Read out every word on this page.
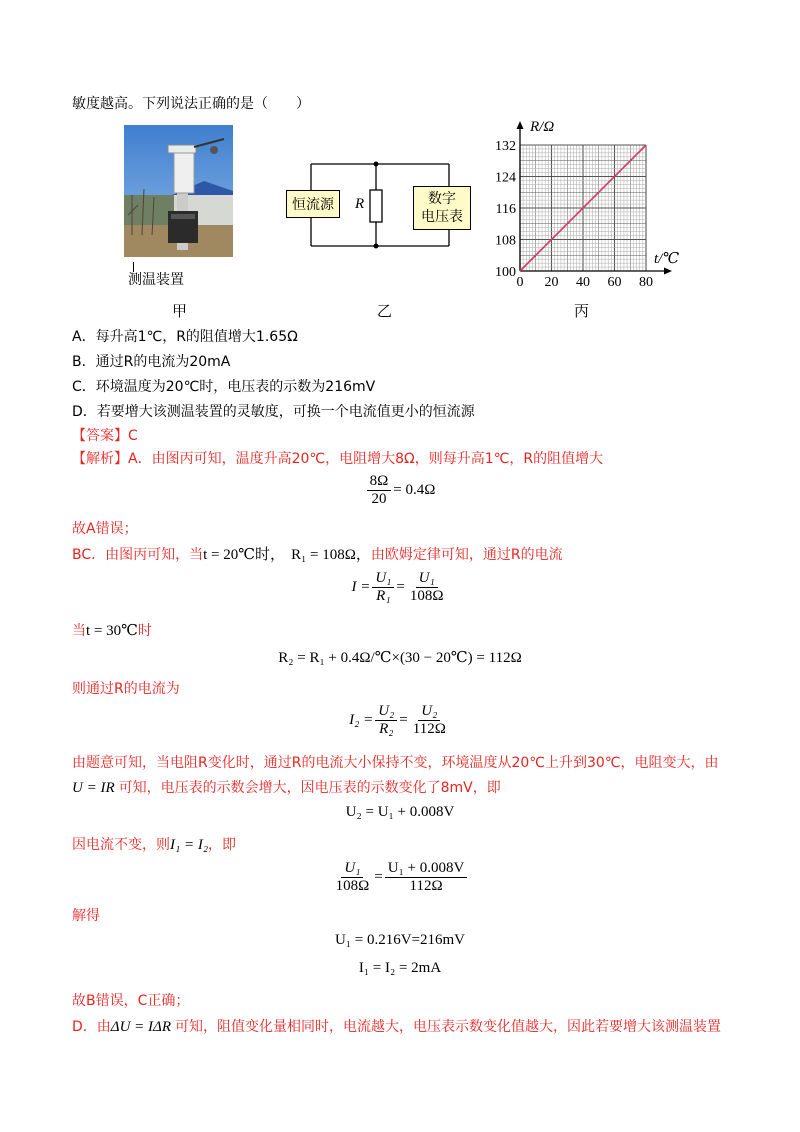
敏度越高。下列说法正确的是（　　）
测温装置
甲
恒流源 R	数字
电压表
乙
0 20 40 60 80
100
108
116
124
132
R/Ω
t/℃
丙
A．每升高1℃，R的阻值增大1.65Ω
B．通过R的电流为20mA
C．环境温度为20℃时，电压表的示数为216mV
D．若要增大该测温装置的灵敏度，可换一个电流值更小的恒流源
【答案】C
【解析】A．由图丙可知，温度升高20℃，电阻增大8Ω，则每升高1℃，R的阻值增大
$\frac{8\Omega}{20} = 0.4\Omega$
故A错误；
BC．由图丙可知，当t = 20℃时， R₁ = 108Ω，由欧姆定律可知，通过R的电流
$I = \frac{\text{U₁}}{\text{R₁}} = \frac{\text{U₁}}{108\Omega}$
当t = 30℃时
R₂ = R₁ + 0.4Ω/℃×(30 − 20℃) = 112Ω
则通过R的电流为
$I_2 = \frac{\text{U₂}}{\text{R₂}} = \frac{\text{U₂}}{112\Omega}$
由题意可知，当电阻R变化时，通过R的电流大小保持不变，环境温度从20℃上升到30℃，电阻变大，由
U = IR 可知，电压表的示数会增大，因电压表的示数变化了8mV，即
U₂ = U₁ + 0.008V
因电流不变，则I₁ = I₂，即
$\frac{\text{U₁}}{108\Omega} = \frac{\text{U₁ + 0.008V}}{112\Omega}$
解得
U₁ = 0.216V=216mV
I₁ = I₂ = 2mA
故B错误，C正确；
D．由ΔU = IΔR 可知，阻值变化量相同时，电流越大，电压表示数变化值越大，因此若要增大该测温装置
